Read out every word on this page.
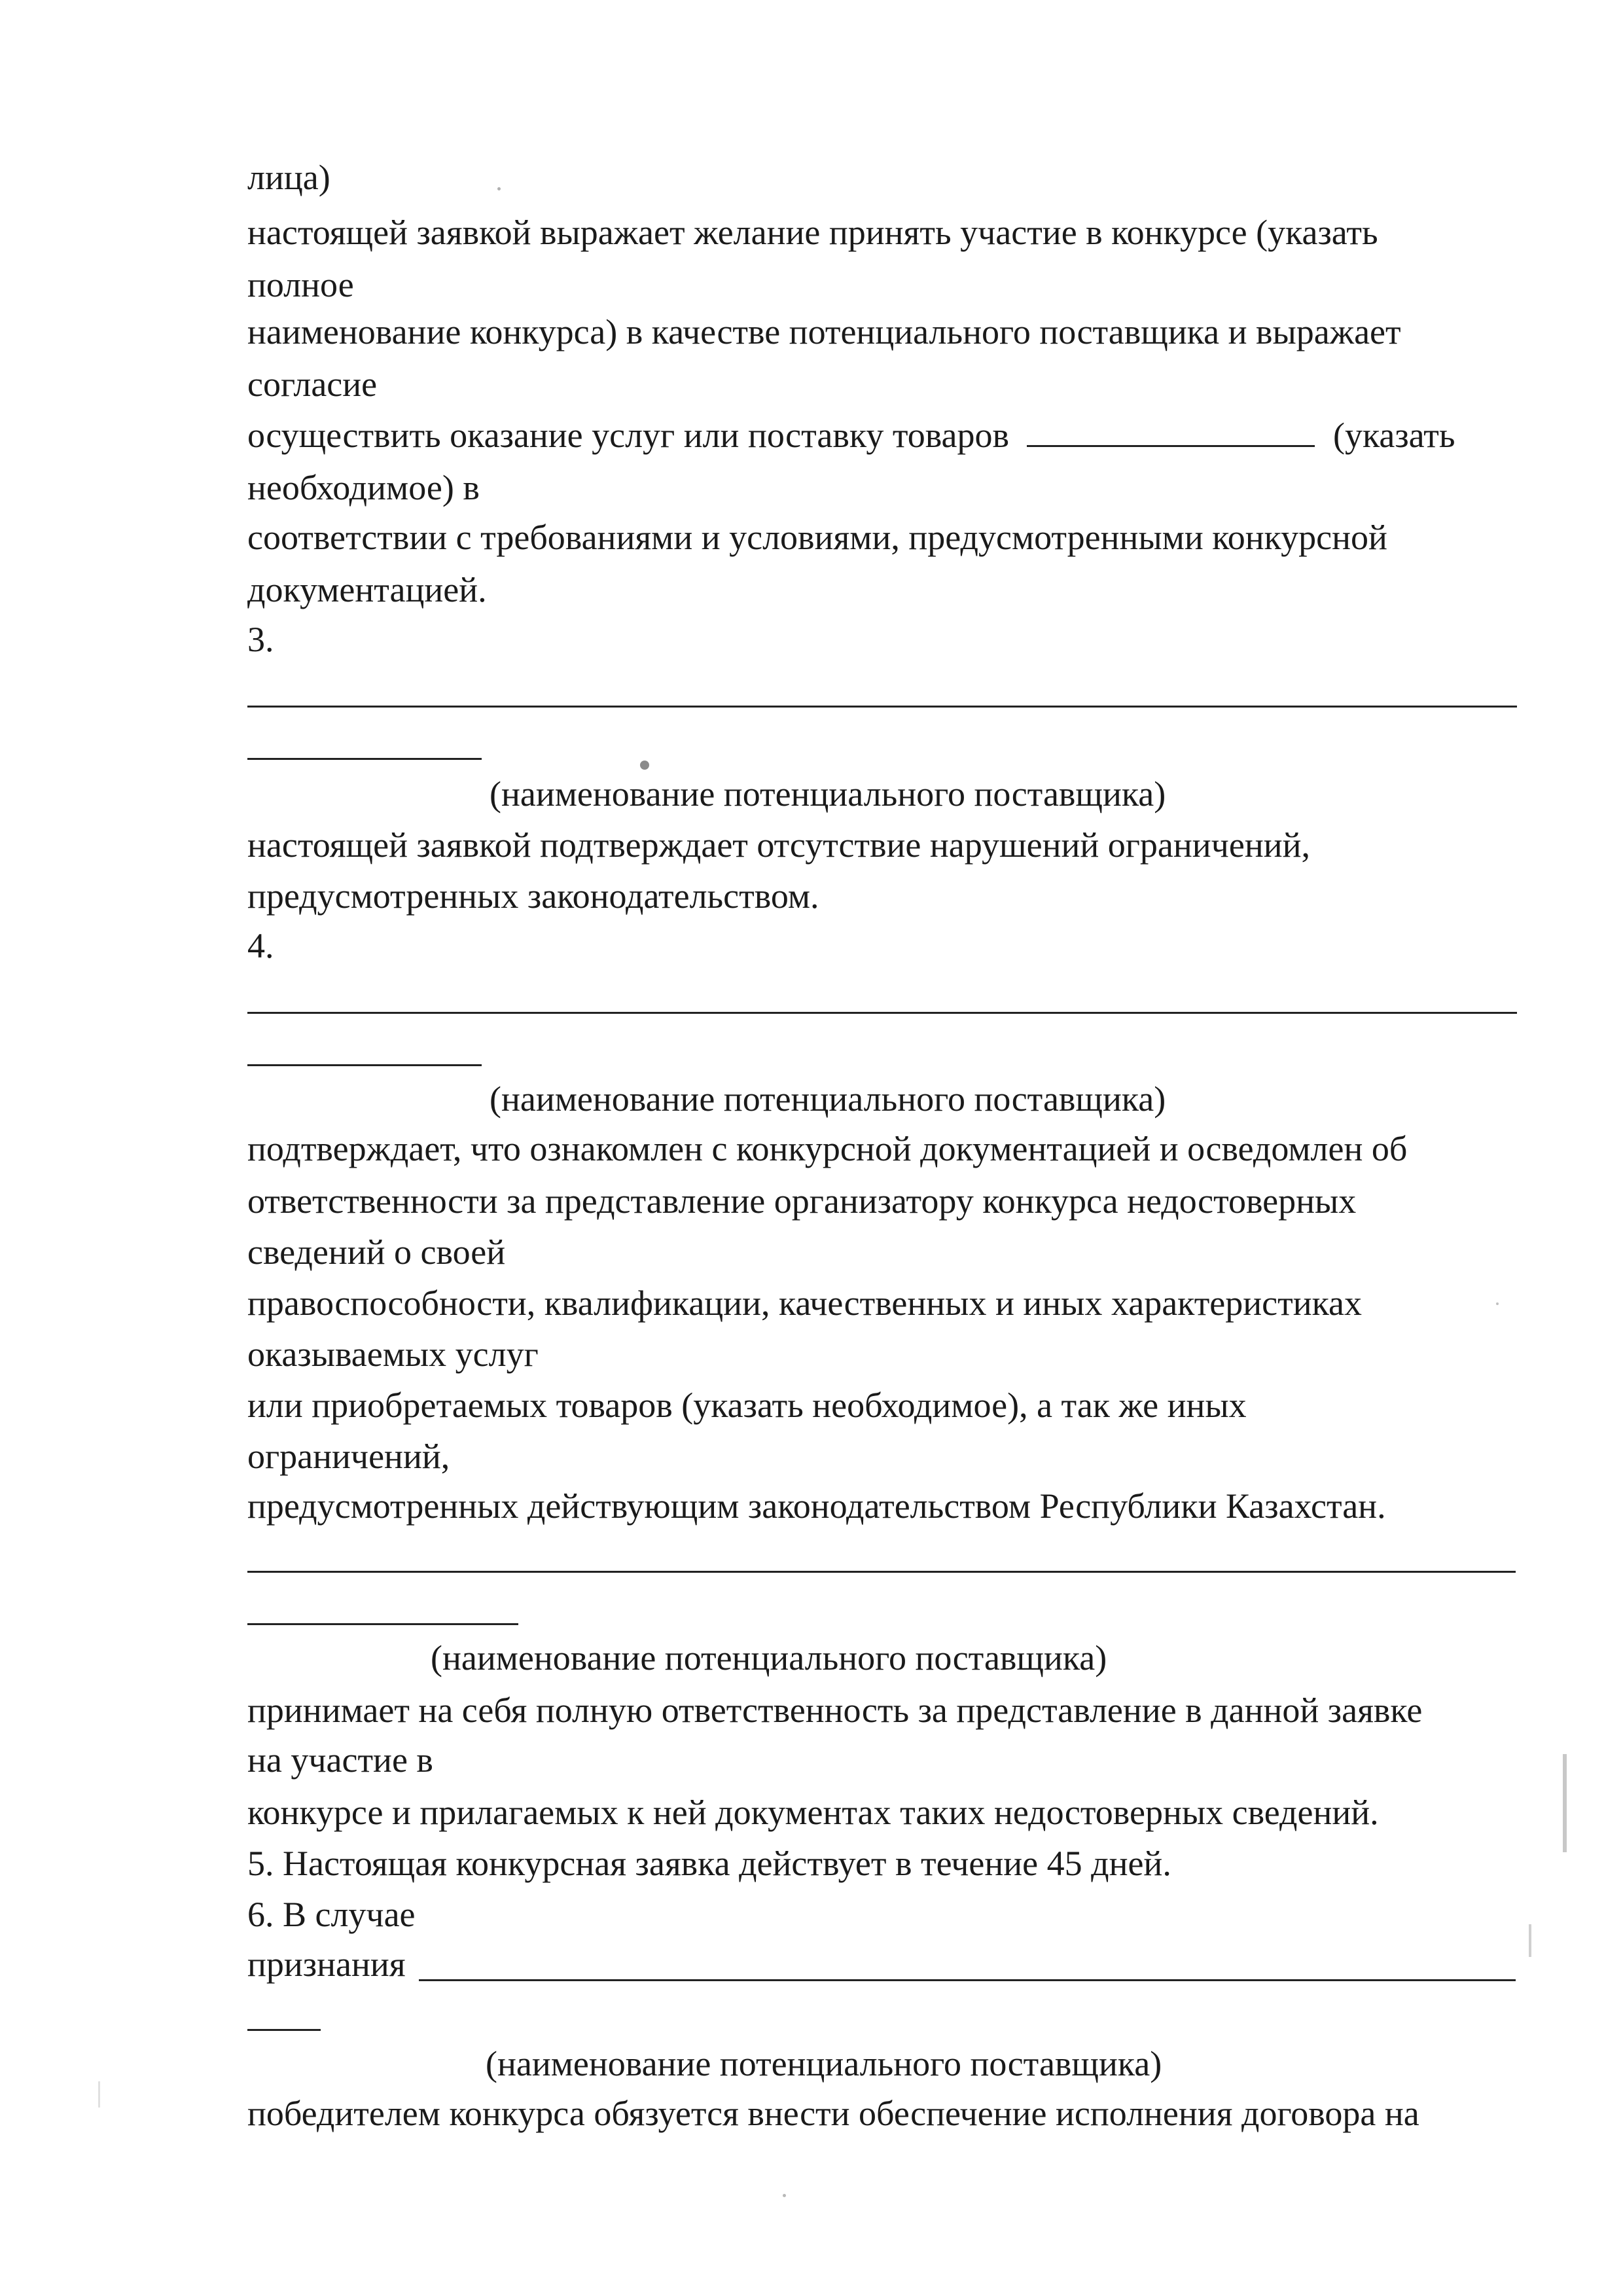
лица)
настоящей заявкой выражает желание принять участие в конкурсе (указать
полное
наименование конкурса) в качестве потенциального поставщика и выражает
согласие
осуществить оказание услуг или поставку товаров	(указать
необходимое) в
соответствии с требованиями и условиями, предусмотренными конкурсной
документацией.
3.
(наименование потенциального поставщика)
настоящей заявкой подтверждает отсутствие нарушений ограничений,
предусмотренных законодательством.
4.
(наименование потенциального поставщика)
подтверждает, что ознакомлен с конкурсной документацией и осведомлен об
ответственности за представление организатору конкурса недостоверных
сведений о своей
правоспособности, квалификации, качественных и иных характеристиках
оказываемых услуг
или приобретаемых товаров (указать необходимое), а так же иных
ограничений,
предусмотренных действующим законодательством Республики Казахстан.
(наименование потенциального поставщика)
принимает на себя полную ответственность за представление в данной заявке
на участие в
конкурсе и прилагаемых к ней документах таких недостоверных сведений.
5. Настоящая конкурсная заявка действует в течение 45 дней.
6. В случае
признания
(наименование потенциального поставщика)
победителем конкурса обязуется внести обеспечение исполнения договора на
